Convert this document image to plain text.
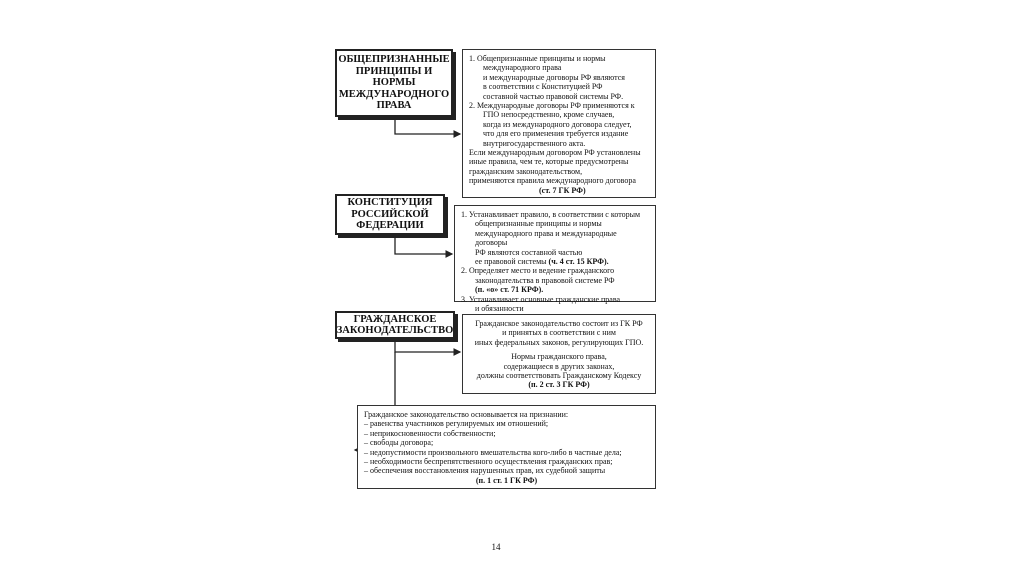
ОБЩЕПРИЗНАННЫЕ ПРИНЦИПЫ И НОРМЫ МЕЖДУНАРОДНОГО ПРАВА

1. Общепризнанные принципы и нормы

международного права

и международные договоры РФ являются

в соответствии с Конституцией РФ

составной частью правовой системы РФ.

2. Международные договоры РФ применяются к

ГПО непосредственно, кроме случаев,

когда из международного договора следует,

что для его применения требуется издание

внутригосударственного акта.

Если международным договором РФ установлены

иные правила, чем те, которые предусмотрены

гражданским законодательством,

применяются правила международного договора

(ст. 7 ГК РФ)

КОНСТИТУЦИЯ РОССИЙСКОЙ ФЕДЕРАЦИИ

1. Устанавливает правило, в соответствии с которым

общепризнанные принципы и нормы

международного права и международные договоры

РФ являются составной частью

ее правовой системы (ч. 4 ст. 15 КРФ).

2. Определяет место и ведение гражданского

законодательства в правовой системе РФ

(п. «о» ст. 71 КРФ).

3. Устанавливает основные гражданские права

и обязанности

ГРАЖДАНСКОЕ ЗАКОНОДАТЕЛЬСТВО

Гражданское законодательство состоит из ГК РФ

и принятых в соответствии с ним

иных федеральных законов, регулирующих ГПО.

Нормы гражданского права,

содержащиеся в других законах,

должны соответствовать Гражданскому Кодексу

(п. 2 ст. 3 ГК РФ)

Гражданское законодательство основывается на признании:

– равенства участников регулируемых им отношений;

– неприкосновенности собственности;

– свободы договора;

– недопустимости произвольного вмешательства кого-либо в частные дела;

– необходимости беспрепятственного осуществления гражданских прав;

– обеспечения восстановления нарушенных прав, их судебной защиты

(п. 1 ст. 1 ГК РФ)

14
